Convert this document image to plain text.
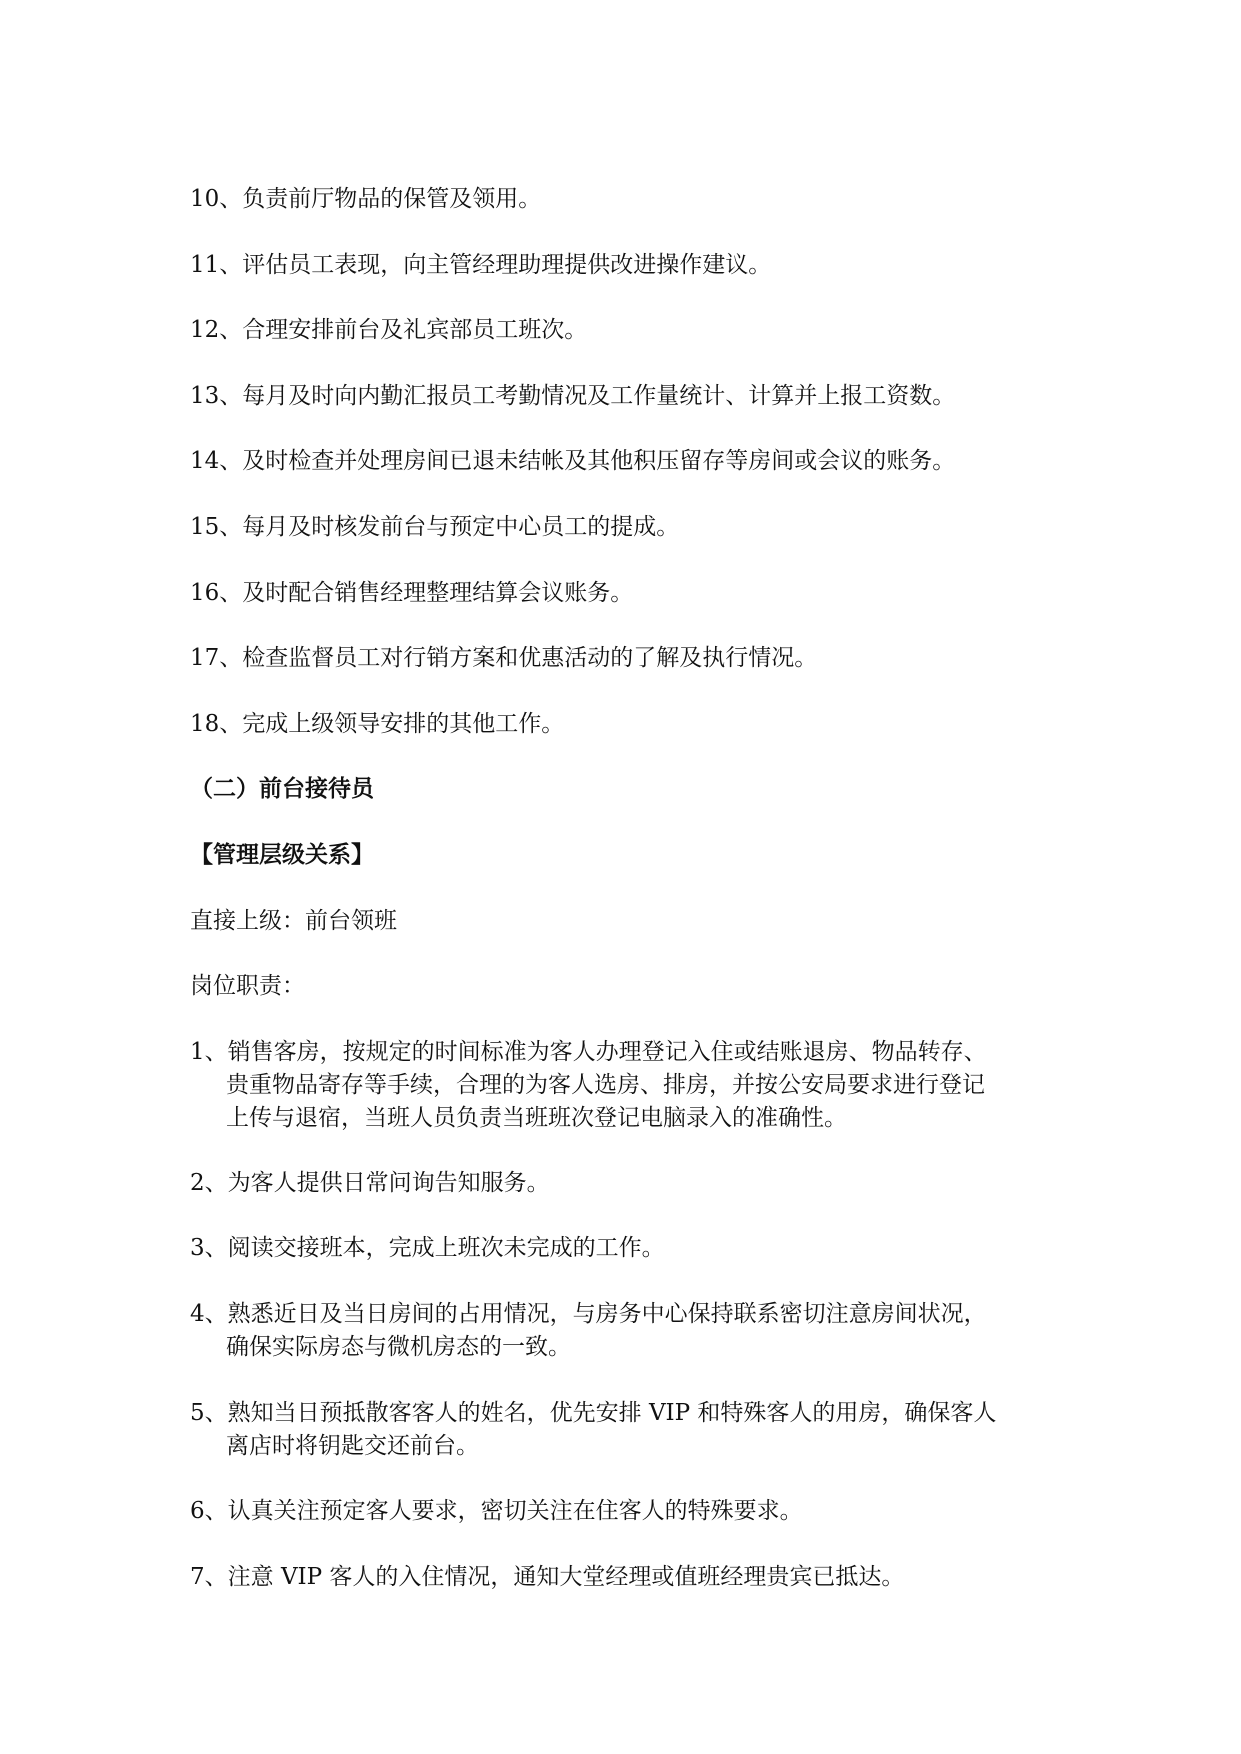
10、负责前厅物品的保管及领用。
11、评估员工表现，向主管经理助理提供改进操作建议。
12、合理安排前台及礼宾部员工班次。
13、每月及时向内勤汇报员工考勤情况及工作量统计、计算并上报工资数。
14、及时检查并处理房间已退未结帐及其他积压留存等房间或会议的账务。
15、每月及时核发前台与预定中心员工的提成。
16、及时配合销售经理整理结算会议账务。
17、检查监督员工对行销方案和优惠活动的了解及执行情况。
18、完成上级领导安排的其他工作。
（二）前台接待员
【管理层级关系】
直接上级：前台领班
岗位职责：
1、销售客房，按规定的时间标准为客人办理登记入住或结账退房、物品转存、
贵重物品寄存等手续，合理的为客人选房、排房，并按公安局要求进行登记
上传与退宿，当班人员负责当班班次登记电脑录入的准确性。
2、为客人提供日常问询告知服务。
3、阅读交接班本，完成上班次未完成的工作。
4、熟悉近日及当日房间的占用情况，与房务中心保持联系密切注意房间状况，
确保实际房态与微机房态的一致。
5、熟知当日预抵散客客人的姓名，优先安排 VIP 和特殊客人的用房，确保客人
离店时将钥匙交还前台。
6、认真关注预定客人要求，密切关注在住客人的特殊要求。
7、注意 VIP 客人的入住情况，通知大堂经理或值班经理贵宾已抵达。
